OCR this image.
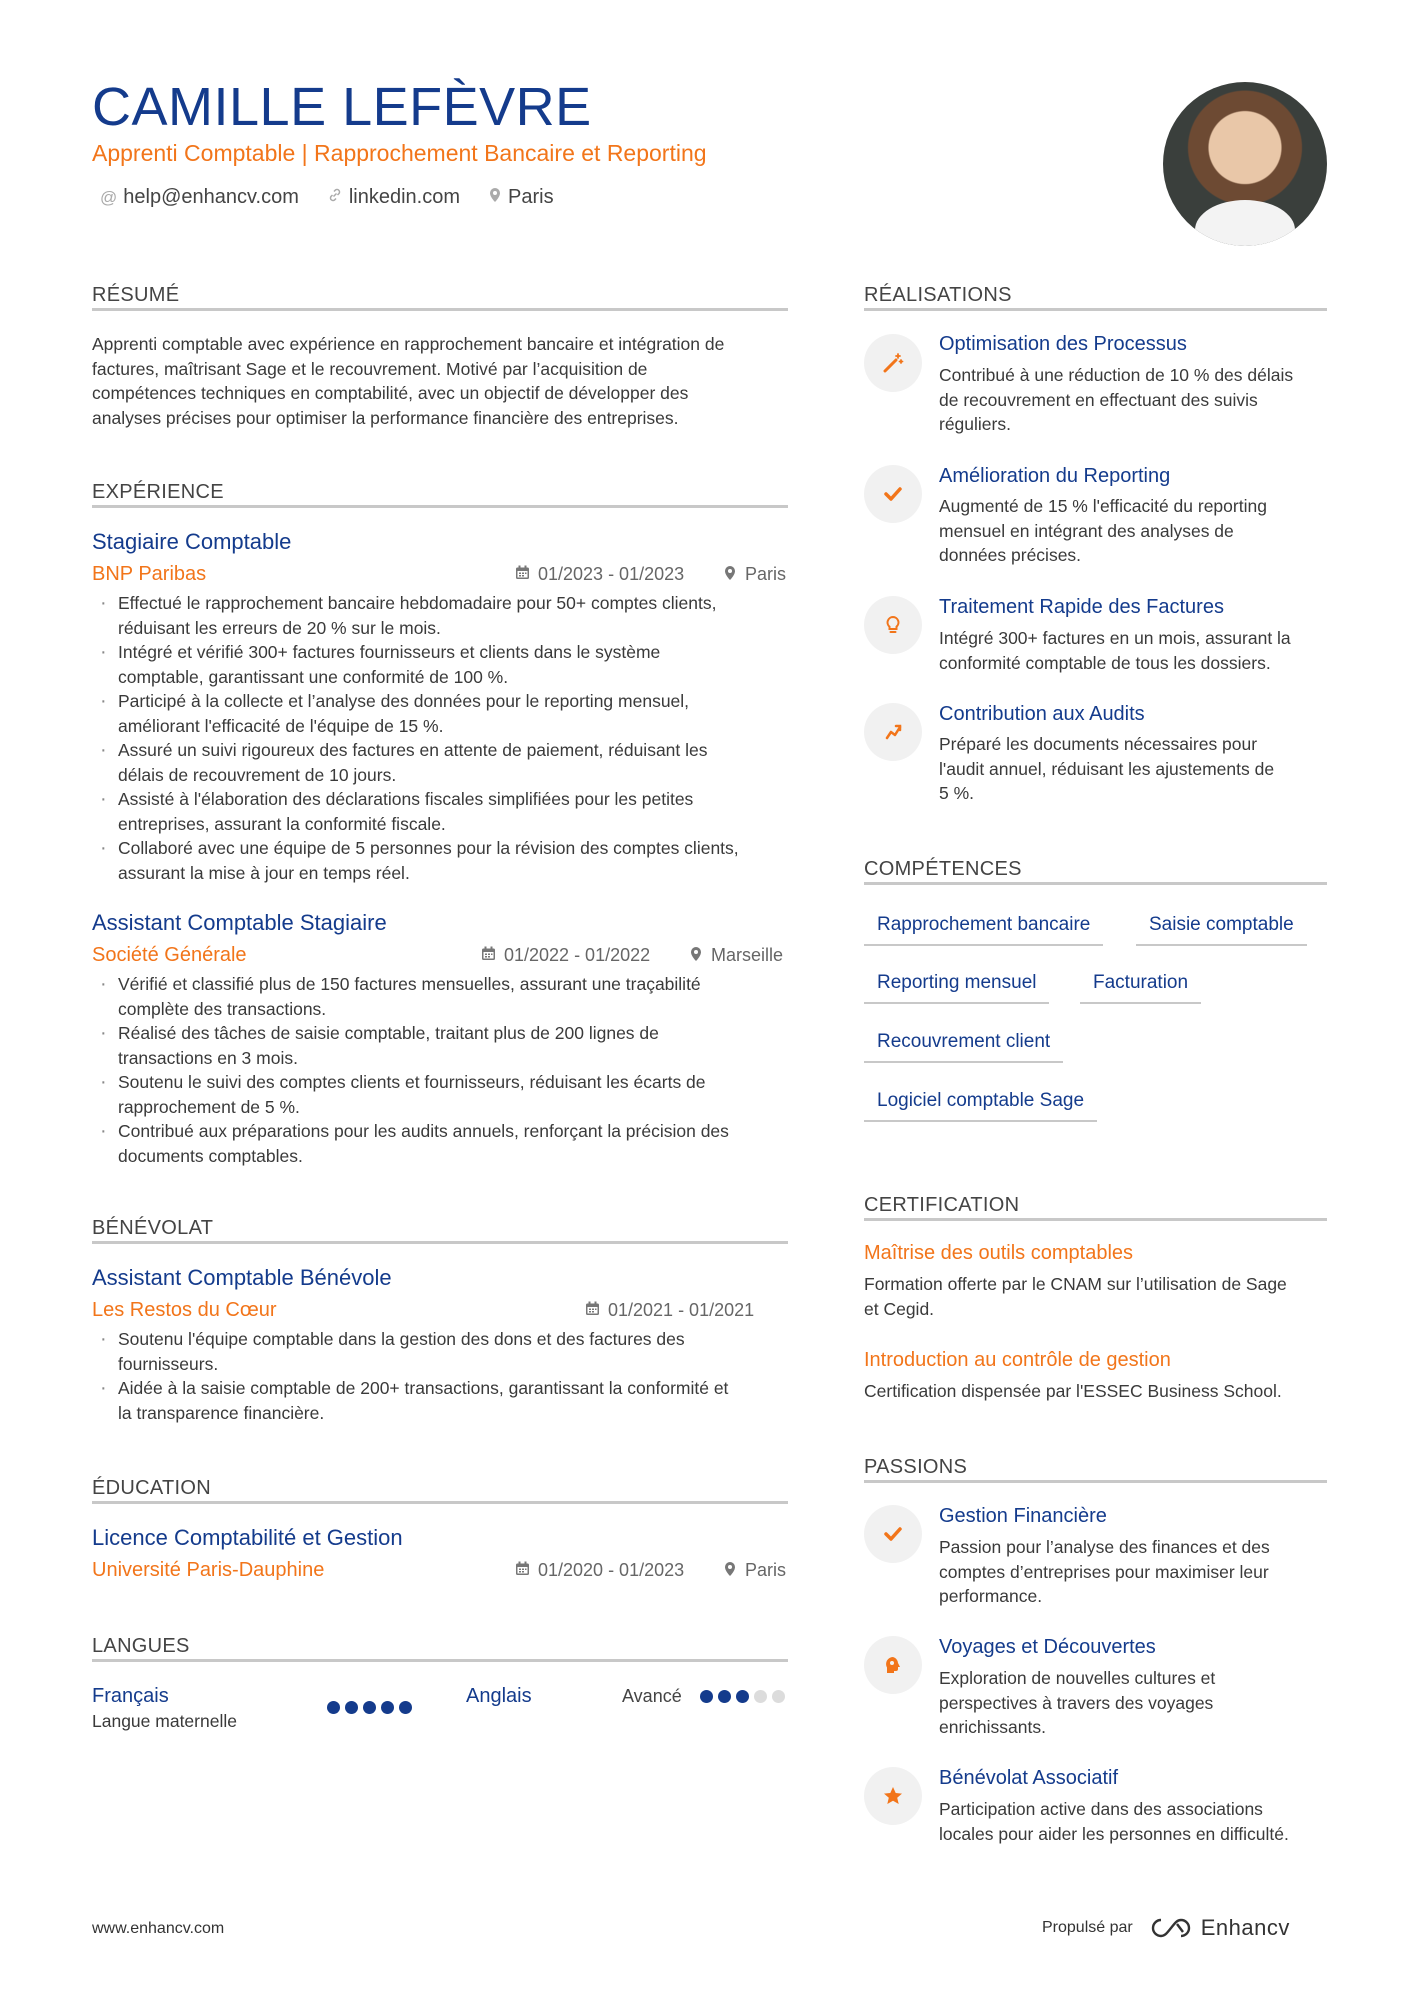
CAMILLE LEFÈVRE
Apprenti Comptable | Rapprochement Bancaire et Reporting
@ help@enhancv.com	linkedin.com Paris
RÉSUMÉ
Apprenti comptable avec expérience en rapprochement bancaire et intégration de
factures, maîtrisant Sage et le recouvrement. Motivé par l’acquisition de
compétences techniques en comptabilité, avec un objectif de développer des
analyses précises pour optimiser la performance financière des entreprises.
EXPÉRIENCE
Stagiaire Comptable
BNP Paribas	01/2023 - 01/2023	Paris
· Effectué le rapprochement bancaire hebdomadaire pour 50+ comptes clients,
réduisant les erreurs de 20 % sur le mois.
· Intégré et vérifié 300+ factures fournisseurs et clients dans le système
comptable, garantissant une conformité de 100 %.
· Participé à la collecte et l’analyse des données pour le reporting mensuel,
améliorant l'efficacité de l'équipe de 15 %.
· Assuré un suivi rigoureux des factures en attente de paiement, réduisant les
délais de recouvrement de 10 jours.
· Assisté à l'élaboration des déclarations fiscales simplifiées pour les petites
entreprises, assurant la conformité fiscale.
· Collaboré avec une équipe de 5 personnes pour la révision des comptes clients,
assurant la mise à jour en temps réel.
Assistant Comptable Stagiaire
Société Générale	01/2022 - 01/2022	Marseille
· Vérifié et classifié plus de 150 factures mensuelles, assurant une traçabilité
complète des transactions.
· Réalisé des tâches de saisie comptable, traitant plus de 200 lignes de
transactions en 3 mois.
· Soutenu le suivi des comptes clients et fournisseurs, réduisant les écarts de
rapprochement de 5 %.
· Contribué aux préparations pour les audits annuels, renforçant la précision des
documents comptables.
BÉNÉVOLAT
Assistant Comptable Bénévole
Les Restos du Cœur	01/2021 - 01/2021
· Soutenu l'équipe comptable dans la gestion des dons et des factures des
fournisseurs.
· Aidée à la saisie comptable de 200+ transactions, garantissant la conformité et
la transparence financière.
ÉDUCATION
Licence Comptabilité et Gestion
Université Paris-Dauphine	01/2020 - 01/2023	Paris
LANGUES
Français
Langue maternelle
Anglais	Avancé
RÉALISATIONS
Optimisation des Processus
Contribué à une réduction de 10 % des délais
de recouvrement en effectuant des suivis
réguliers.
Amélioration du Reporting
Augmenté de 15 % l'efficacité du reporting
mensuel en intégrant des analyses de
données précises.
Traitement Rapide des Factures
Intégré 300+ factures en un mois, assurant la
conformité comptable de tous les dossiers.
Contribution aux Audits
Préparé les documents nécessaires pour
l'audit annuel, réduisant les ajustements de
5 %.
COMPÉTENCES
Rapprochement bancaire	Saisie comptable
Reporting mensuel	Facturation
Recouvrement client
Logiciel comptable Sage
CERTIFICATION
Maîtrise des outils comptables
Formation offerte par le CNAM sur l’utilisation de Sage
et Cegid.
Introduction au contrôle de gestion
Certification dispensée par l'ESSEC Business School.
PASSIONS
Gestion Financière
Passion pour l’analyse des finances et des
comptes d’entreprises pour maximiser leur
performance.
Voyages et Découvertes
Exploration de nouvelles cultures et
perspectives à travers des voyages
enrichissants.
Bénévolat Associatif
Participation active dans des associations
locales pour aider les personnes en difficulté.
www.enhancv.com	Propulsé par	Enhancv
